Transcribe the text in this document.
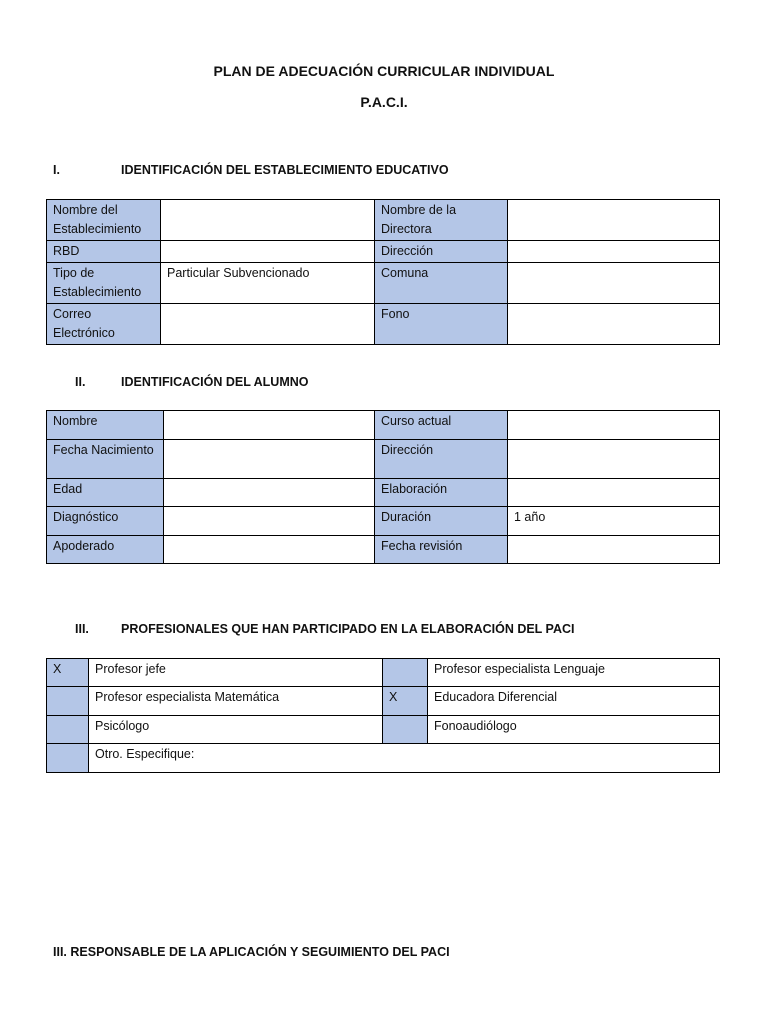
PLAN DE ADECUACIÓN CURRICULAR INDIVIDUAL
P.A.C.I.
I.	IDENTIFICACIÓN DEL ESTABLECIMIENTO EDUCATIVO
Nombre del Establecimiento		Nombre de la Directora	
RBD		Dirección	
Tipo de Establecimiento	Particular Subvencionado	Comuna	
Correo Electrónico		Fono	
II.	IDENTIFICACIÓN DEL ALUMNO
Nombre		Curso actual	
Fecha Nacimiento		Dirección	
Edad		Elaboración	
Diagnóstico		Duración	1 año
Apoderado		Fecha revisión	
III.	PROFESIONALES QUE HAN PARTICIPADO EN LA ELABORACIÓN DEL PACI
X	Profesor jefe		Profesor especialista Lenguaje
	Profesor especialista Matemática	X	Educadora Diferencial
	Psicólogo		Fonoaudiólogo
	Otro. Especifique:		
III. RESPONSABLE DE LA APLICACIÓN Y SEGUIMIENTO DEL PACI
